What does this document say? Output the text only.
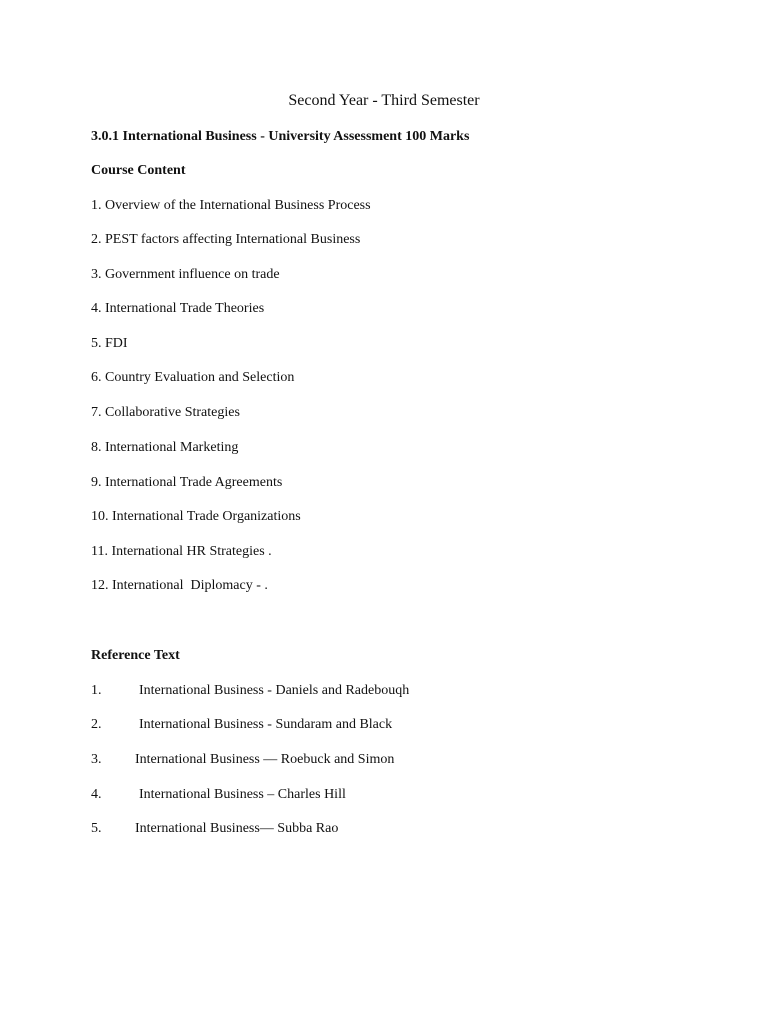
Second Year - Third Semester
3.0.1 International Business - University Assessment 100 Marks
Course Content
1. Overview of the International Business Process
2. PEST factors affecting International Business
3. Government influence on trade
4. International Trade Theories
5. FDI
6. Country Evaluation and Selection
7. Collaborative Strategies
8. International Marketing
9. International Trade Agreements
10. International Trade Organizations
11. International HR Strategies .
12. International  Diplomacy - .
Reference Text
1.	International Business - Daniels and Radebouqh
2.	International Business - Sundaram and Black
3. International Business — Roebuck and Simon
4.	International Business – Charles Hill
5. International Business— Subba Rao
